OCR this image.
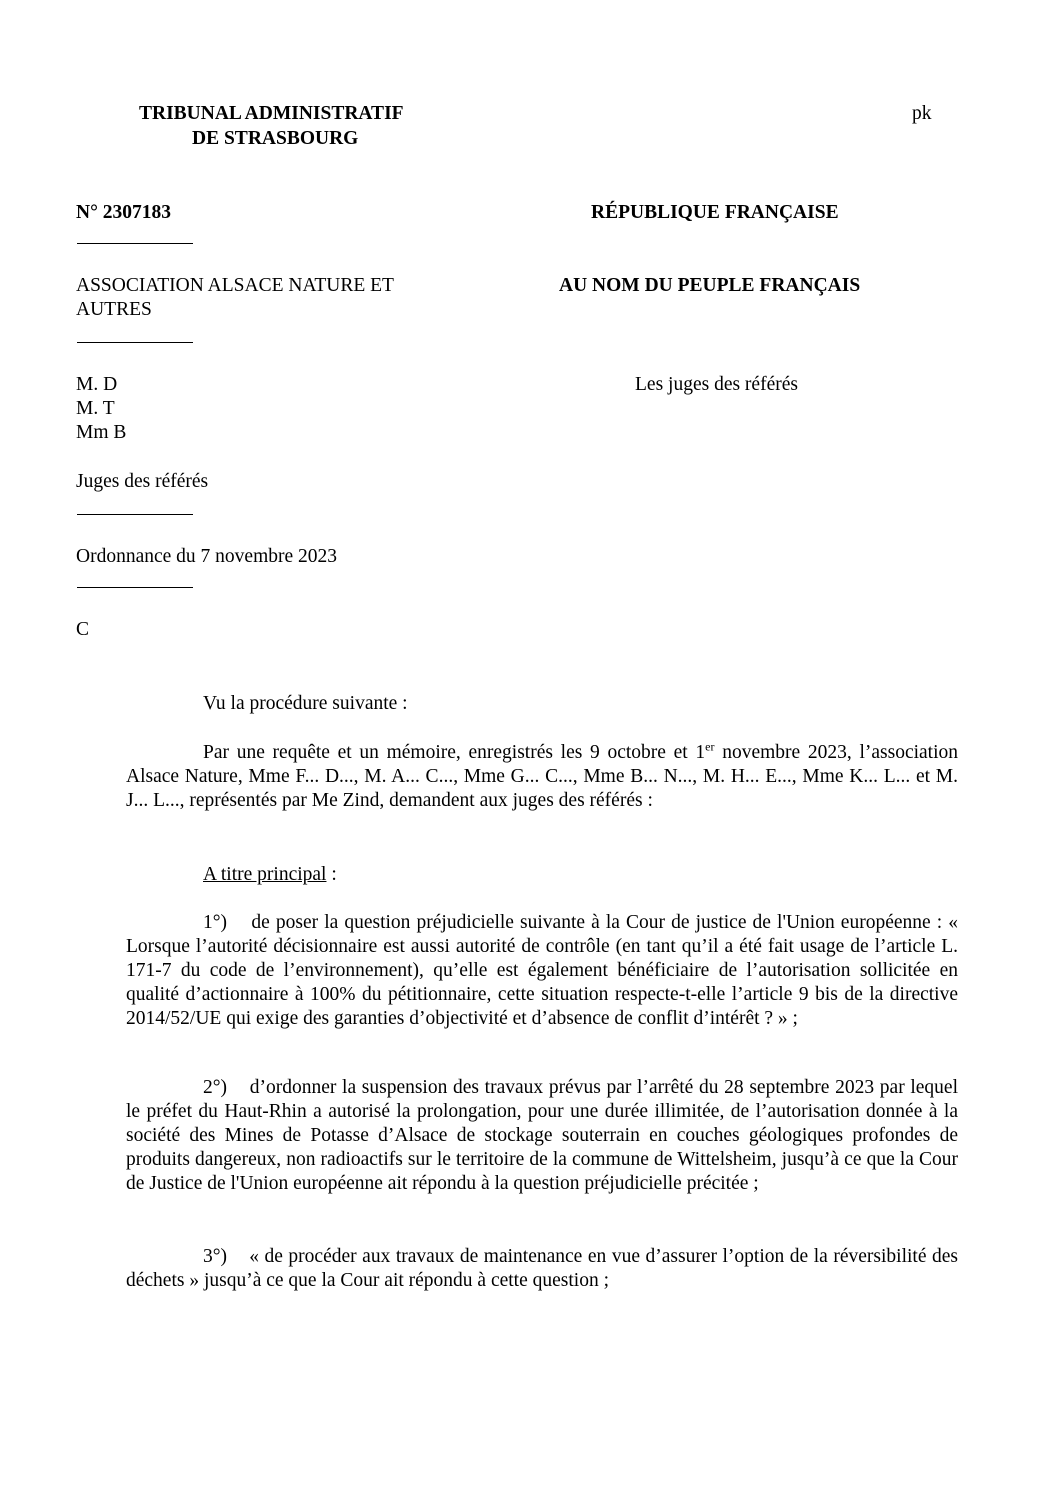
TRIBUNAL ADMINISTRATIF
DE STRASBOURG
pk
N° 2307183	RÉPUBLIQUE FRANÇAISE
ASSOCIATION ALSACE NATURE ET
AUTRES
AU NOM DU PEUPLE FRANÇAIS
M. D
M. T
Mm B
Les juges des référés
Juges des référés
Ordonnance du 7 novembre 2023
C
Vu la procédure suivante :
Par une requête et un mémoire, enregistrés les 9 octobre et 1er novembre 2023, l’association Alsace Nature, Mme F... D..., M. A... C..., Mme G... C..., Mme B... N..., M. H... E..., Mme K... L... et M. J... L..., représentés par Me Zind, demandent aux juges des référés :
A titre principal :
1°) de poser la question préjudicielle suivante à la Cour de justice de l'Union européenne : « Lorsque l’autorité décisionnaire est aussi autorité de contrôle (en tant qu’il a été fait usage de l’article L. 171-7 du code de l’environnement), qu’elle est également bénéficiaire de l’autorisation sollicitée en qualité d’actionnaire à 100% du pétitionnaire, cette situation respecte-t-elle l’article 9 bis de la directive 2014/52/UE qui exige des garanties d’objectivité et d’absence de conflit d’intérêt ? » ;
2°) d’ordonner la suspension des travaux prévus par l’arrêté du 28 septembre 2023 par lequel le préfet du Haut-Rhin a autorisé la prolongation, pour une durée illimitée, de l’autorisation donnée à la société des Mines de Potasse d’Alsace de stockage souterrain en couches géologiques profondes de produits dangereux, non radioactifs sur le territoire de la commune de Wittelsheim, jusqu’à ce que la Cour de Justice de l'Union européenne ait répondu à la question préjudicielle précitée ;
3°) « de procéder aux travaux de maintenance en vue d’assurer l’option de la réversibilité des déchets » jusqu’à ce que la Cour ait répondu à cette question ;
